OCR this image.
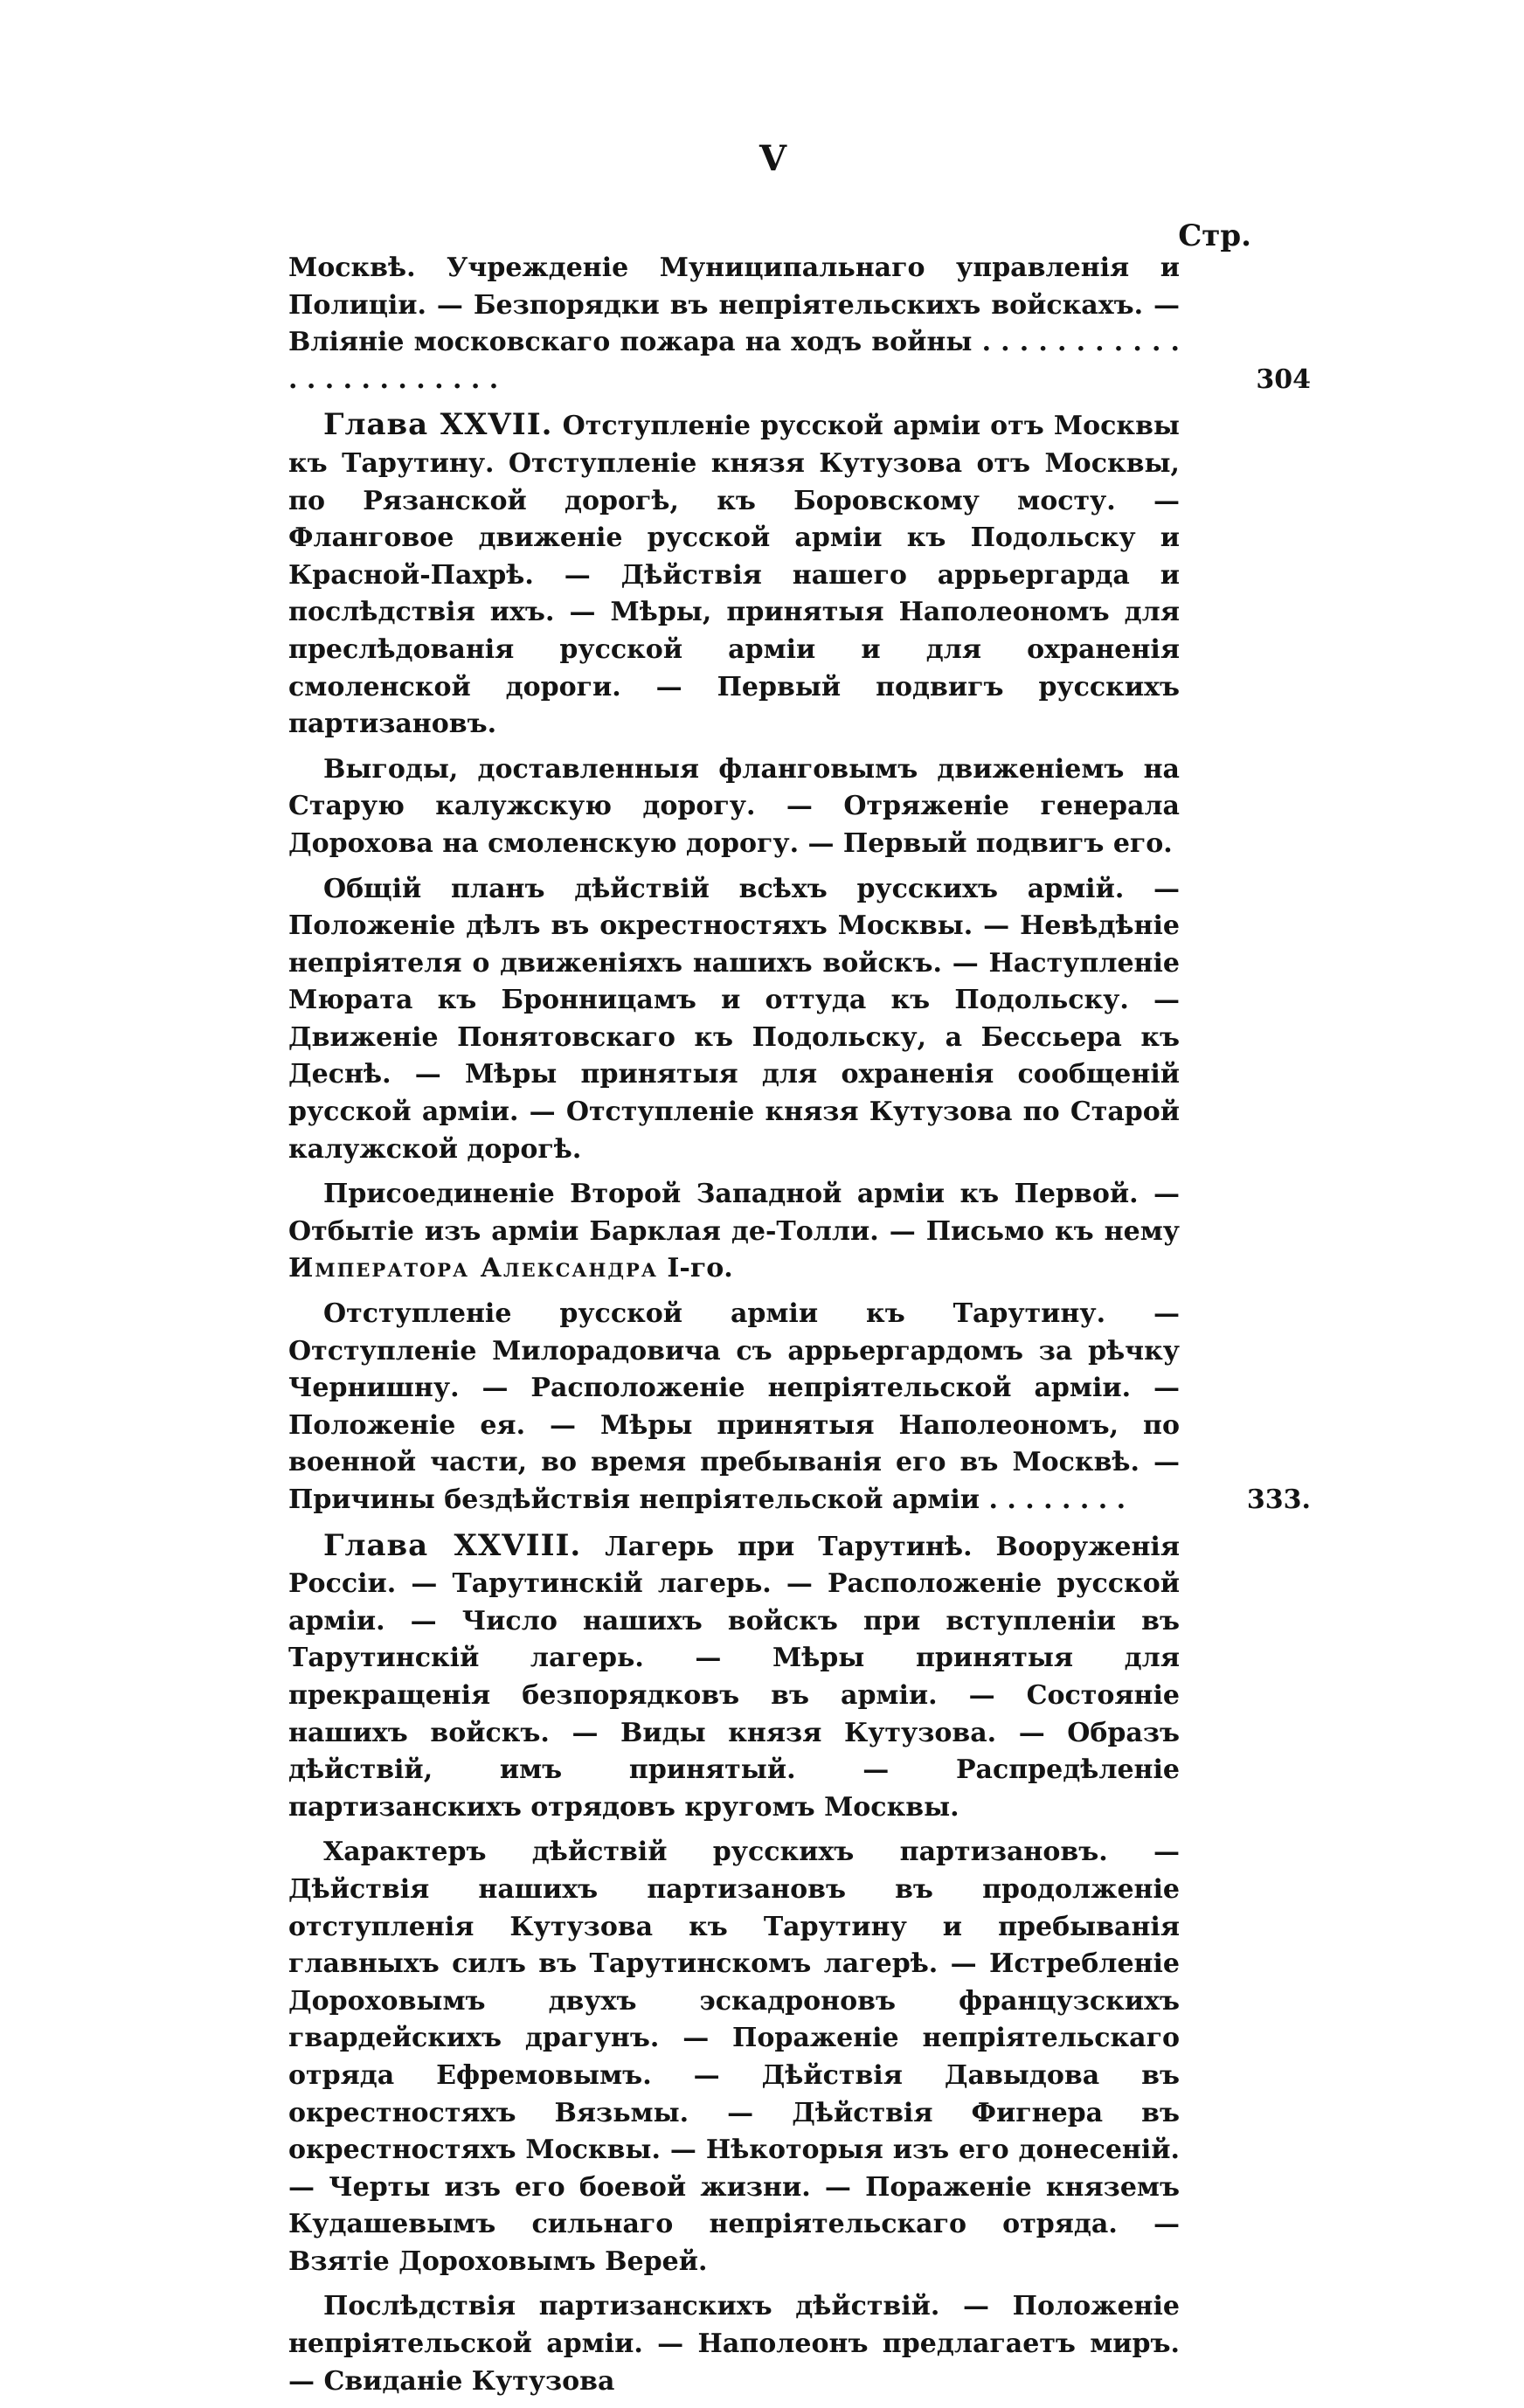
V
Стр.

Москвѣ. Учрежденіе Муниципальнаго управленія и Полиціи. — Безпорядки въ непріятельскихъ войскахъ. — Вліяніе московскаго пожара на ходъ войны . . . . . . . . . . . . . . . . . . . . . . .	304

Глава XXVII. Отступленіе русской арміи отъ Москвы къ Тарутину. Отступленіе князя Кутузова отъ Москвы, по Рязанской дорогѣ, къ Боровскому мосту. — Фланговое движеніе русской арміи къ Подольску и Красной-Пахрѣ. — Дѣйствія нашего аррьергарда и послѣдствія ихъ. — Мѣры, принятыя Наполеономъ для преслѣдованія русской арміи и для охраненія смоленской дороги. — Первый подвигъ русскихъ партизановъ.

Выгоды, доставленныя фланговымъ движеніемъ на Старую калужскую дорогу. — Отряженіе генерала Дорохова на смоленскую дорогу. — Первый подвигъ его.

Общій планъ дѣйствій всѣхъ русскихъ армій. — Положеніе дѣлъ въ окрестностяхъ Москвы. — Невѣдѣніе непріятеля о движеніяхъ нашихъ войскъ. — Наступленіе Мюрата къ Бронницамъ и оттуда къ Подольску. — Движеніе Понятовскаго къ Подольску, а Бессьера къ Деснѣ. — Мѣры принятыя для охраненія сообщеній русской арміи. — Отступленіе князя Кутузова по Старой калужской дорогѣ.

Присоединеніе Второй Западной арміи къ Первой. — Отбытіе изъ арміи Барклая де-Толли. — Письмо къ нему Императора Александра І-го.

Отступленіе русской арміи къ Тарутину. — Отступленіе Милорадовича съ аррьергардомъ за рѣчку Чернишну. — Расположеніе непріятельской арміи. — Положеніе ея. — Мѣры принятыя Наполеономъ, по военной части, во время пребыванія его въ Москвѣ. — Причины бездѣйствія непріятельской арміи . . . . . . . .	333.

Глава XXVIII. Лагерь при Тарутинѣ. Вооруженія Россіи. — Тарутинскій лагерь. — Расположеніе русской арміи. — Число нашихъ войскъ при вступленіи въ Тарутинскій лагерь. — Мѣры принятыя для прекращенія безпорядковъ въ арміи. — Состояніе нашихъ войскъ. — Виды князя Кутузова. — Образъ дѣйствій, имъ принятый. — Распредѣленіе партизанскихъ отрядовъ кругомъ Москвы.

Характеръ дѣйствій русскихъ партизановъ. — Дѣйствія нашихъ партизановъ въ продолженіе отступленія Кутузова къ Тарутину и пребыванія главныхъ силъ въ Тарутинскомъ лагерѣ. — Истребленіе Дороховымъ двухъ эскадроновъ французскихъ гвардейскихъ драгунъ. — Пораженіе непріятельскаго отряда Ефремовымъ. — Дѣйствія Давыдова въ окрестностяхъ Вязьмы. — Дѣйствія Фигнера въ окрестностяхъ Москвы. — Нѣкоторыя изъ его донесеній. — Черты изъ его боевой жизни. — Пораженіе княземъ Кудашевымъ сильнаго непріятельскаго отряда. — Взятіе Дороховымъ Верей.

Послѣдствія партизанскихъ дѣйствій. — Положеніе непріятельской арміи. — Наполеонъ предлагаетъ миръ. — Свиданіе Кутузова
